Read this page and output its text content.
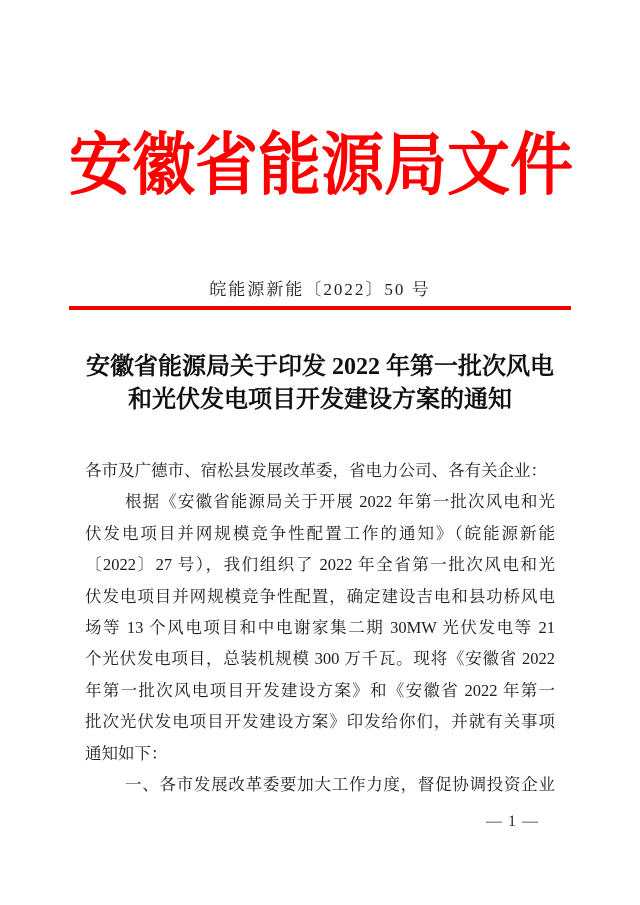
安 徽 省 能 源 局 文 件
皖能源新能〔2022〕50 号
安徽省能源局关于印发 2022 年第一批次风电
和光伏发电项目开发建设方案的通知
各市及广德市、宿松县发展改革委，省电力公司、各有关企业：
根据《安徽省能源局关于开展 2022 年第一批次风电和光
伏发电项目并网规模竞争性配置工作的通知》（皖能源新能
〔2022〕27 号），我们组织了 2022 年全省第一批次风电和光
伏发电项目并网规模竞争性配置，确定建设吉电和县功桥风电
场等 13 个风电项目和中电谢家集二期 30MW 光伏发电等 21
个光伏发电项目，总装机规模 300 万千瓦。现将《安徽省 2022
年第一批次风电项目开发建设方案》和《安徽省 2022 年第一
批次光伏发电项目开发建设方案》印发给你们，并就有关事项
通知如下：
一、各市发展改革委要加大工作力度，督促协调投资企业
— 1 —
